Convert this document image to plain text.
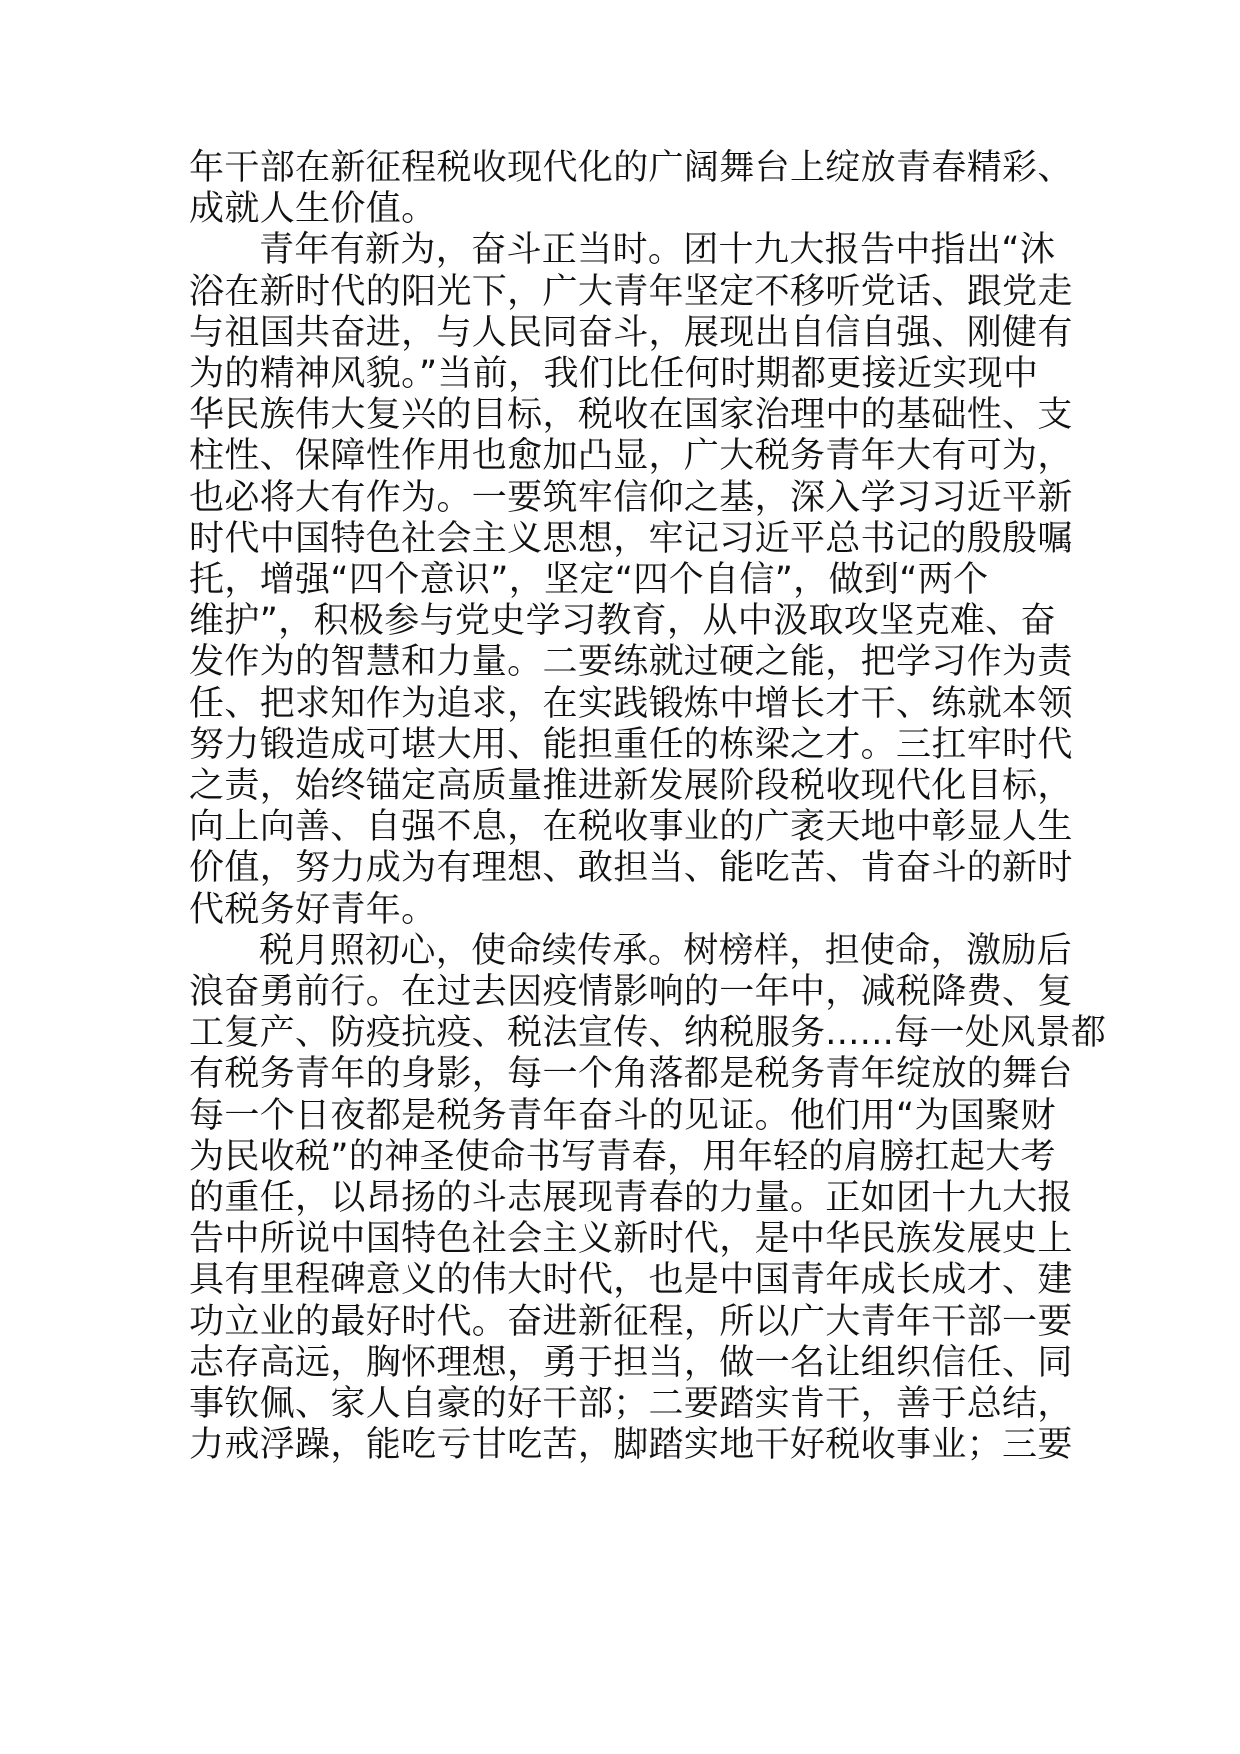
年干部在新征程税收现代化的广阔舞台上绽放青春精彩、
成就人生价值。
青年有新为，奋斗正当时。团十九大报告中指出“沐
浴在新时代的阳光下，广大青年坚定不移听党话、跟党走
与祖国共奋进，与人民同奋斗，展现出自信自强、刚健有
为的精神风貌。”当前，我们比任何时期都更接近实现中
华民族伟大复兴的目标，税收在国家治理中的基础性、支
柱性、保障性作用也愈加凸显，广大税务青年大有可为，
也必将大有作为。一要筑牢信仰之基，深入学习习近平新
时代中国特色社会主义思想，牢记习近平总书记的殷殷嘱
托，增强“四个意识”，坚定“四个自信”，做到“两个
维护”，积极参与党史学习教育，从中汲取攻坚克难、奋
发作为的智慧和力量。二要练就过硬之能，把学习作为责
任、把求知作为追求，在实践锻炼中增长才干、练就本领
努力锻造成可堪大用、能担重任的栋梁之才。三扛牢时代
之责，始终锚定高质量推进新发展阶段税收现代化目标，
向上向善、自强不息，在税收事业的广袤天地中彰显人生
价值，努力成为有理想、敢担当、能吃苦、肯奋斗的新时
代税务好青年。
税月照初心，使命续传承。树榜样，担使命，激励后
浪奋勇前行。在过去因疫情影响的一年中，减税降费、复
工复产、防疫抗疫、税法宣传、纳税服务......每一处风景都
有税务青年的身影，每一个角落都是税务青年绽放的舞台
每一个日夜都是税务青年奋斗的见证。他们用“为国聚财
为民收税”的神圣使命书写青春，用年轻的肩膀扛起大考
的重任，以昂扬的斗志展现青春的力量。正如团十九大报
告中所说中国特色社会主义新时代，是中华民族发展史上
具有里程碑意义的伟大时代，也是中国青年成长成才、建
功立业的最好时代。奋进新征程，所以广大青年干部一要
志存高远，胸怀理想，勇于担当，做一名让组织信任、同
事钦佩、家人自豪的好干部；二要踏实肯干，善于总结，
力戒浮躁，能吃亏甘吃苦，脚踏实地干好税收事业；三要
